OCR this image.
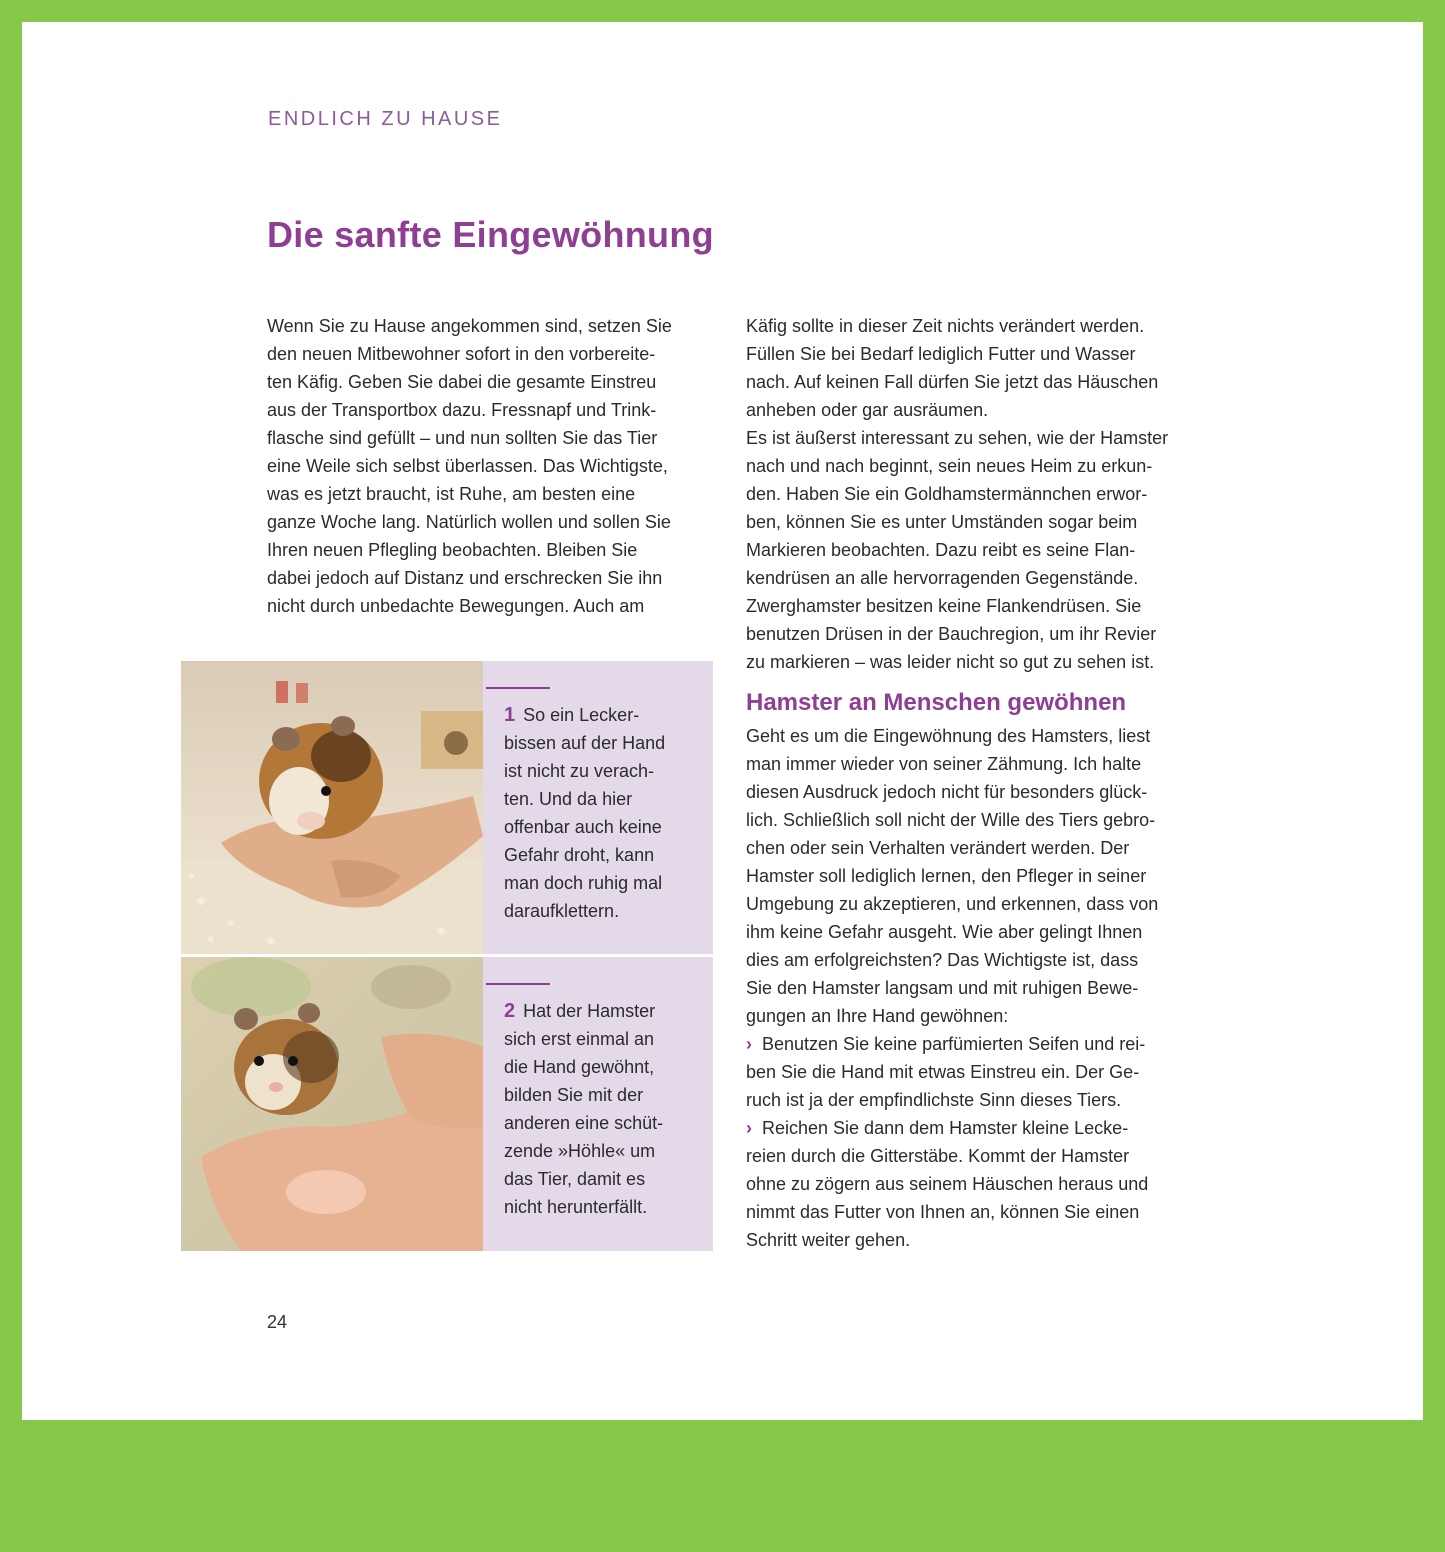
ENDLICH ZU HAUSE
Die sanfte Eingewöhnung

Wenn Sie zu Hause angekommen sind, setzen Sie
den neuen Mitbewohner sofort in den vorbereite-
ten Käfig. Geben Sie dabei die gesamte Einstreu
aus der Transportbox dazu. Fressnapf und Trink-
flasche sind gefüllt – und nun sollten Sie das Tier
eine Weile sich selbst überlassen. Das Wichtigste,
was es jetzt braucht, ist Ruhe, am besten eine
ganze Woche lang. Natürlich wollen und sollen Sie
Ihren neuen Pflegling beobachten. Bleiben Sie
dabei jedoch auf Distanz und erschrecken Sie ihn
nicht durch unbedachte Bewegungen. Auch am

Käfig sollte in dieser Zeit nichts verändert werden.
Füllen Sie bei Bedarf lediglich Futter und Wasser
nach. Auf keinen Fall dürfen Sie jetzt das Häuschen
anheben oder gar ausräumen.

Es ist äußerst interessant zu sehen, wie der Hamster
nach und nach beginnt, sein neues Heim zu erkun-
den. Haben Sie ein Goldhamstermännchen erwor-
ben, können Sie es unter Umständen sogar beim
Markieren beobachten. Dazu reibt es seine Flan-
kendrüsen an alle hervorragenden Gegenstände.
Zwerghamster besitzen keine Flankendrüsen. Sie
benutzen Drüsen in der Bauchregion, um ihr Revier
zu markieren – was leider nicht so gut zu sehen ist.

Hamster an Menschen gewöhnen

Geht es um die Eingewöhnung des Hamsters, liest
man immer wieder von seiner Zähmung. Ich halte
diesen Ausdruck jedoch nicht für besonders glück-
lich. Schließlich soll nicht der Wille des Tiers gebro-
chen oder sein Verhalten verändert werden. Der
Hamster soll lediglich lernen, den Pfleger in seiner
Umgebung zu akzeptieren, und erkennen, dass von
ihm keine Gefahr ausgeht. Wie aber gelingt Ihnen
dies am erfolgreichsten? Das Wichtigste ist, dass
Sie den Hamster langsam und mit ruhigen Bewe-
gungen an Ihre Hand gewöhnen:

› Benutzen Sie keine parfümierten Seifen und rei-
ben Sie die Hand mit etwas Einstreu ein. Der Ge-
ruch ist ja der empfindlichste Sinn dieses Tiers.

› Reichen Sie dann dem Hamster kleine Lecke-
reien durch die Gitterstäbe. Kommt der Hamster
ohne zu zögern aus seinem Häuschen heraus und
nimmt das Futter von Ihnen an, können Sie einen
Schritt weiter gehen.

1 So ein Lecker-
bissen auf der Hand
ist nicht zu verach-
ten. Und da hier
offenbar auch keine
Gefahr droht, kann
man doch ruhig mal
daraufklettern.
2 Hat der Hamster
sich erst einmal an
die Hand gewöhnt,
bilden Sie mit der
anderen eine schüt-
zende »Höhle« um
das Tier, damit es
nicht herunterfällt.
24
